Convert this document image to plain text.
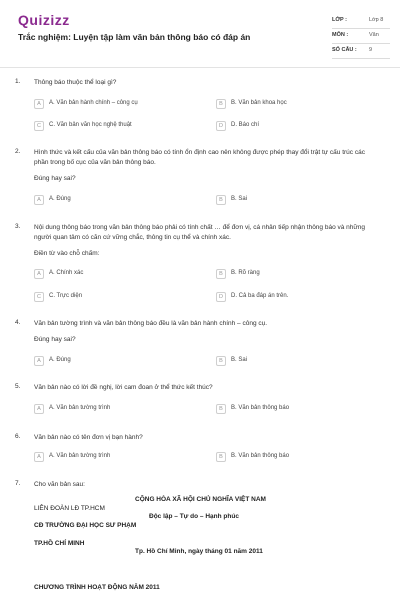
Quizizz
Trắc nghiệm: Luyện tập làm văn bản thông báo có đáp án
LỚP :	Lớp 8
MÔN :	Văn
SỐ CÂU : 9
1. Thông báo thuộc thể loại gì?
A	A. Văn bản hành chính – công cụ	B	B. Văn bản khoa học
C	C. Văn bản văn học nghệ thuật	D	D. Báo chí
2. Hình thức và kết cấu của văn bản thông báo có tính ổn định cao nên không được phép thay đổi trật tự cấu trúc các
phần trong bố cục của văn bản thông báo.
Đúng hay sai?
A	A. Đúng	B	B. Sai
3. Nội dung thông báo trong văn bản thông báo phải có tính chất … để đơn vị, cá nhân tiếp nhận thông báo và những
người quan tâm có căn cứ vững chắc, thông tin cụ thể và chính xác.
Điền từ vào chỗ chấm:
A	A. Chính xác	B	B. Rõ ràng
C	C. Trực diện	D	D. Cả ba đáp án trên.
4. Văn bản tường trình và văn bản thông báo đều là văn bản hành chính – công cụ.
Đúng hay sai?
A	A. Đúng	B	B. Sai
5. Văn bản nào có lời đề nghị, lời cam đoan ở thể thức kết thúc?
A	A. Văn bản tường trình	B	B. Văn bản thông báo
6. Văn bản nào có tên đơn vị bạn hành?
A	A. Văn bản tường trình	B	B. Văn bản thông báo
7. Cho văn bản sau:
CỘNG HÒA XÃ HỘI CHỦ NGHĨA VIỆT NAM
LIÊN ĐOÀN LĐ TP.HCM
Độc lập – Tự do – Hạnh phúc
CĐ TRƯỜNG ĐẠI HỌC SƯ PHẠM
TP.HỒ CHÍ MINH
Tp. Hồ Chí Minh, ngày tháng 01 năm 2011
CHƯƠNG TRÌNH HOẠT ĐỘNG NĂM 2011
